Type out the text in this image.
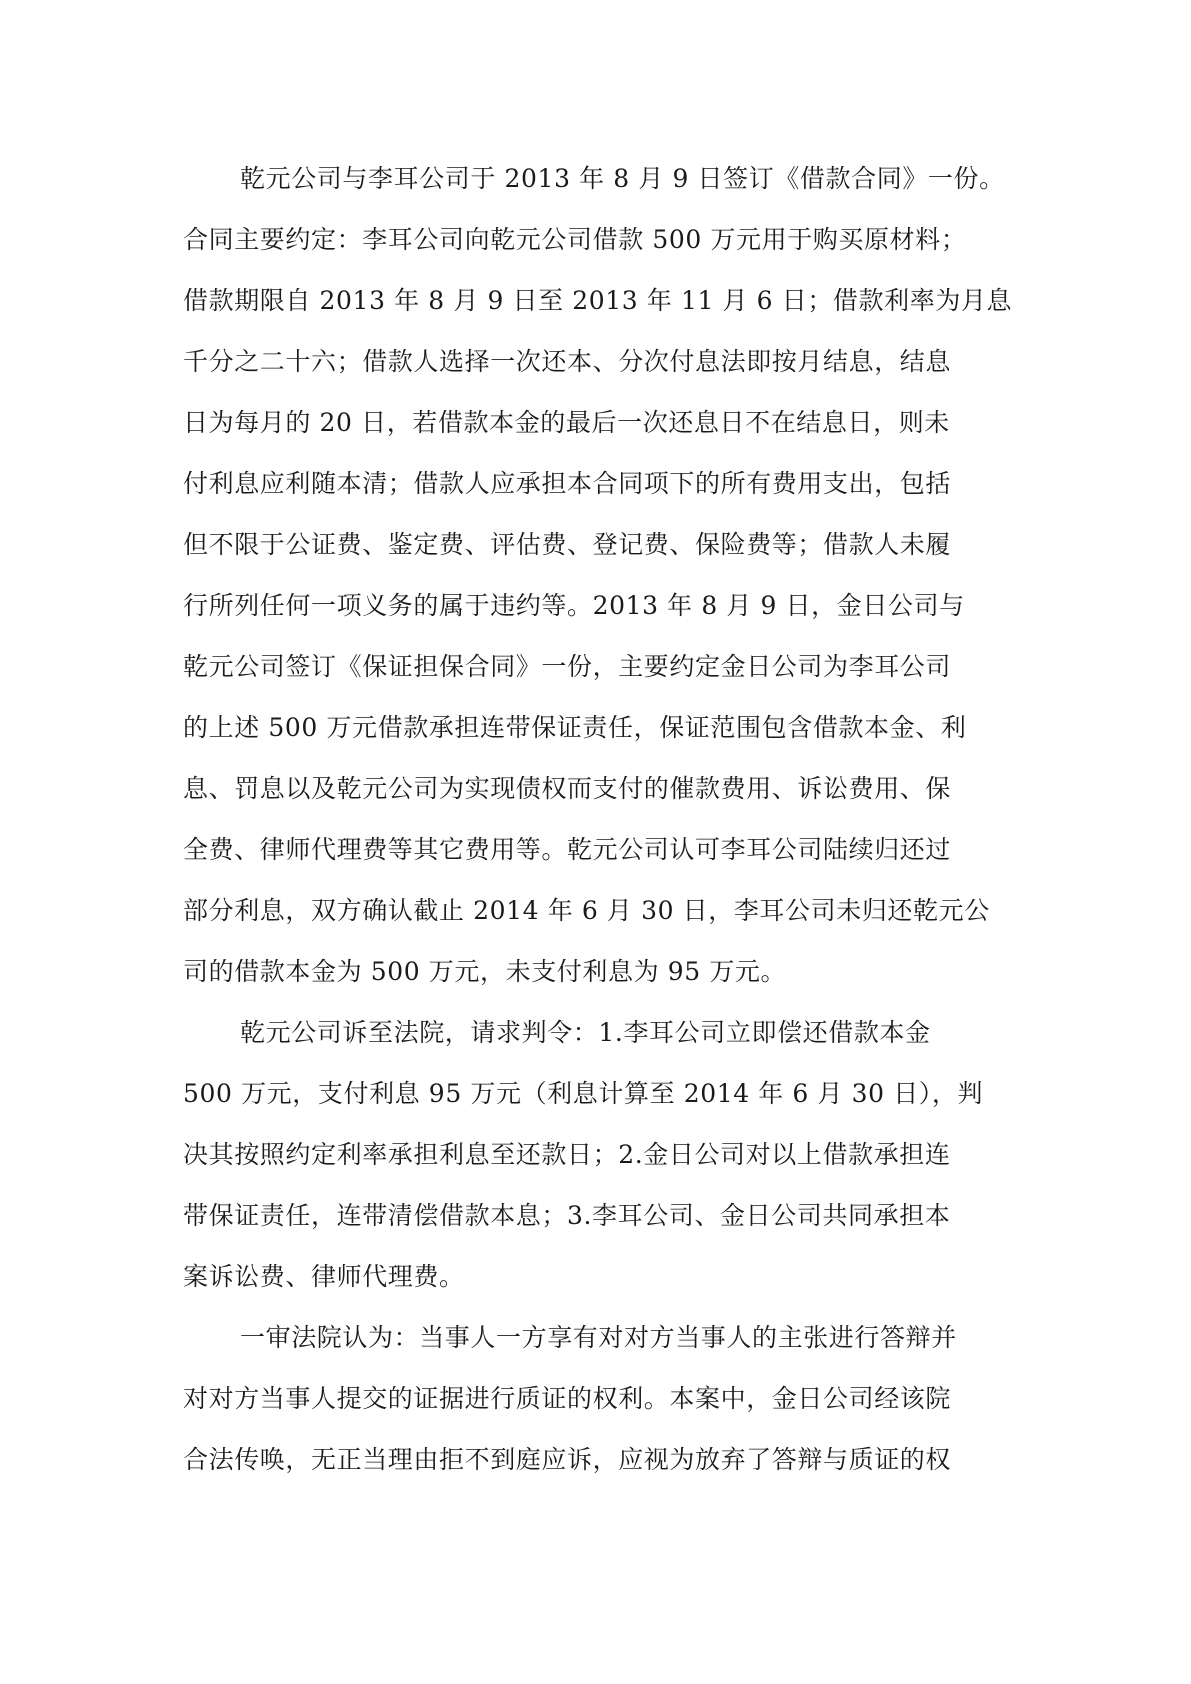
乾元公司与李耳公司于 2013 年 8 月 9 日签订《借款合同》一份。
合同主要约定：李耳公司向乾元公司借款 500 万元用于购买原材料；
借款期限自 2013 年 8 月 9 日至 2013 年 11 月 6 日；借款利率为月息
千分之二十六；借款人选择一次还本、分次付息法即按月结息，结息
日为每月的 20 日，若借款本金的最后一次还息日不在结息日，则未
付利息应利随本清；借款人应承担本合同项下的所有费用支出，包括
但不限于公证费、鉴定费、评估费、登记费、保险费等；借款人未履
行所列任何一项义务的属于违约等。2013 年 8 月 9 日，金日公司与
乾元公司签订《保证担保合同》一份，主要约定金日公司为李耳公司
的上述 500 万元借款承担连带保证责任，保证范围包含借款本金、利
息、罚息以及乾元公司为实现债权而支付的催款费用、诉讼费用、保
全费、律师代理费等其它费用等。乾元公司认可李耳公司陆续归还过
部分利息，双方确认截止 2014 年 6 月 30 日，李耳公司未归还乾元公
司的借款本金为 500 万元，未支付利息为 95 万元。
乾元公司诉至法院，请求判令：1.李耳公司立即偿还借款本金
500 万元，支付利息 95 万元（利息计算至 2014 年 6 月 30 日），判
决其按照约定利率承担利息至还款日；2.金日公司对以上借款承担连
带保证责任，连带清偿借款本息；3.李耳公司、金日公司共同承担本
案诉讼费、律师代理费。
一审法院认为：当事人一方享有对对方当事人的主张进行答辩并
对对方当事人提交的证据进行质证的权利。本案中，金日公司经该院
合法传唤，无正当理由拒不到庭应诉，应视为放弃了答辩与质证的权
